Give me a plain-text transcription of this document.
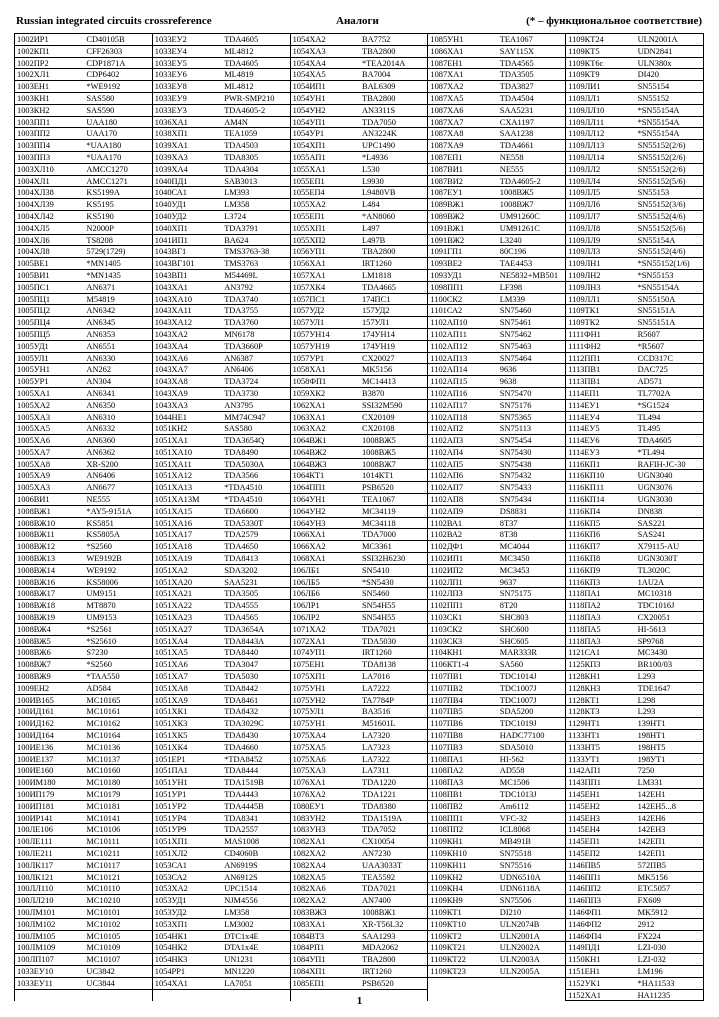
Russian integrated circuits crossreference	Аналоги	(* – функциональное соответствие)
1002ИР1	CD40105B
1002КП1	CFF26303
1002ПР2	CDP1871A
1002ХЛ1	CDP6402
1003ЕН1	*WE9192
1003КН1	SAS580
1003КН2	SAS590
1003ПП1	UAA180
1003ПП2	UAA170
1003ПП4	*UAA180
1003ПП3	*UAA170
1003ХЛ10	AMCC1270
1004ХЛ1	AMCC1271
1004ХЛ38	KS5199A
1004ХЛ39	KS5195
1004ХЛ42	KS5190
1004ХЛ5	N2000P
1004ХЛ6	TS8208
1004ХЛ8	5729(1729)
1005ВЕ1	*MN1405
1005ВИ1	*MN1435
1005ПС1	AN6371
1005ПЦ1	M54819
1005ПЦ2	AN6342
1005ПЦ4	AN6345
1005ПЦ5	AN6353
1005УД1	AN6551
1005УЛ1	AN6330
1005УН1	AN262
1005УР1	AN304
1005ХА1	AN6341
1005ХА2	AN6350
1005ХА3	AN6310
1005ХА5	AN6332
1005ХА6	AN6360
1005ХА7	AN6362
1005ХА8	XR-S200
1005ХА9	AN6406
1005ХА3	AN6677
1006ВИ1	NE555
1008ВЖ1	*AY5-9151A
1008ВЖ10	KS5851
1008ВЖ11	KS5805A
1008ВЖ12	*S2560
1008ВЖ13	WE9192B
1008ВЖ14	WE9192
1008ВЖ16	KS58006
1008ВЖ17	UM9151
1008ВЖ18	MT8870
1008ВЖ19	UM9153
1008ВЖ4	*S2561
1008ВЖ5	*S25610
1008ВЖ6	S7230
1008ВЖ7	*S2560
1008ВЖ9	*TAA550
1009ЕН2	AD584
100ИВ165	MC10165
100ИД161	MC10161
100ИД162	MC10162
100ИД164	MC10164
100ИЕ136	MC10136
100ИЕ137	MC10137
100ИЕ160	MC10160
100ИМ180	MC10180
100ИП179	MC10179
100ИП181	MC10181
100ИР141	MC10141
100ЛЕ106	MC10106
100ЛЕ111	MC10111
100ЛЕ211	MC10211
100ЛК117	MC10117
100ЛК121	MC10121
100ЛЛ110	MC10110
100ЛЛ210	MC10210
100ЛМ101	MC10101
100ЛМ102	MC10102
100ЛМ105	MC10105
100ЛМ109	MC10109
100ЛП107	MC10107
1033ЕУ10	UC3842
1033ЕУ11	UC3844
1033ЕУ2	TDA4605
1033ЕУ4	ML4812
1033ЕУ5	TDA4605
1033ЕУ6	ML4819
1033ЕУ8	ML4812
1033ЕУ9	PWR-SMP210
1033ЕУ3	TDA4605-2
1036ХА1	AM4N
1038ХП1	TEA1059
1039ХА1	TDA4503
1039ХА3	TDA8305
1039ХА4	TDA4304
1040ПД1	SAB3013
1040СА1	LM393
1040УД1	LM358
1040УД2	L3724
1040ХП1	TDA3791
1041ИП1	BA624
1043ВГ1	TMS3763-38
1043ВГ101	TMS3763
1043ВП1	M54469L
1043ХА1	AN3792
1043ХА10	TDA3740
1043ХА11	TDA3755
1043ХА12	TDA3760
1043ХА2	MN6178
1043ХА4	TDA3660P
1043ХА6	AN6387
1043ХА7	AN6406
1043ХА8	TDA3724
1043ХА9	TDA3730
1043ХА3	AN3795
1044НЕ1	MM74C947
1051КН2	SAS580
1051ХА1	TDA3654Q
1051ХА10	TDA8490
1051ХА11	TDA5030A
1051ХА12	TDA3566
1051ХА13	*TDA4510
1051ХА13М	*TDA4510
1051ХА15	TDA6600
1051ХА16	TDA5330T
1051ХА17	TDA2579
1051ХА18	TDA4650
1051ХА19	TDA8413
1051ХА2	SDA3202
1051ХА20	SAA5231
1051ХА21	TDA3505
1051ХА22	TDA4555
1051ХА23	TDA4565
1051ХА27	TDA3654A
1051ХА4	TDA8443A
1051ХА5	TDA8440
1051ХА6	TDA3047
1051ХА7	TDA5030
1051ХА8	TDA8442
1051ХА9	TDA8461
1051ХК1	TDA8432
1051ХК3	TDA3029C
1051ХК5	TDA8430
1051ХК4	TDA4660
1051ЕР1	*TDA8452
1051ПА1	TDA8444
1051УН1	TDA1519B
1051УР1	TDA4443
1051УР2	TDA4445B
1051УР4	TDA8341
1051УР9	TDA2557
1051ХП1	MAS1008
1051ХЛ2	CD4060B
1053СА1	AN6919S
1053СА2	AN6912S
1053ХА2	UPC1514
1053УД1	NJM4556
1053УД2	LM358
1053ХП1	LM3002
1054НК1	DTC1x4E
1054НК2	DTA1x4E
1054НК3	UN1231
1054РР1	MN1220
1054ХА1	LA7051
1054ХА2	BA7752
1054ХА3	TBA2800
1054ХА4	*TEA2014A
1054ХА5	BA7004
1054ИП1	BAL6309
1054УН1	TBA2800
1054УН2	AN3311S
1054УП1	TDA7050
1054УР1	AN3224K
1054ХП1	UPC1490
1055АП1	*L4936
1055ХА1	L530
1055ЕП1	L9930
1055ЕП4	L9480VB
1055ХА2	L484
1055ЕП1	*AN8060
1055ХП1	L497
1055ХП2	L497B
1056УП1	TBA2800
1056ХА1	IRT1260
1057ХА1	LM1818
1057ХК4	TDA4665
1057ПС1	174ПС1
1057УД2	157УД2
1057УЛ1	157УЛ1
1057УН14	174УН14
1057УН19	174УН19
1057УР1	CX20027
1058ХА1	MK5156
1058ФП1	MC14413
1059ХК2	B3870
1062ХА1	SSI32M590
1063ХА1	CX20109
1063ХА2	CX20108
1064ВЖ1	1008ВЖ5
1064ВЖ2	1008ВЖ5
1064ВЖ3	1008ВЖ7
1064КТ1	1014КТ1
1064ПП1	PSB6520
1064УН1	TEA1067
1064УН2	MC34119
1064УН3	MC34118
1066ХА1	TDA7000
1066ХА2	MC3361
1068ХА1	SSI32H6230
106ЛБ1	SN5410
106ЛБ5	*SN5430
106ЛБ6	SN5460
106ЛР1	SN54H55
106ЛР2	SN54H55
1071ХА2	TDA7021
1072ХА1	TDA5030
1074УП1	IRT1260
1075ЕН1	TDA8138
1075ХП1	LA7016
1075УН1	LA7222
1075УН2	TA7784P
1075УЛ1	BA3516
1075УН1	M51601L
1075ХА4	LA7320
1075ХА5	LA7323
1075ХА6	LA7322
1075ХА3	LA7311
1076ХА1	TDA1220
1076ХА2	TDA1221
1080ЕУ1	TDA8380
1083УН2	TDA1519A
1083УН3	TDA7052
1082ХА1	CX10054
1082ХА2	AN7230
1082ХА4	UAA3033T
1082ХА5	TEA5592
1082ХА6	TDA7021
1082ХА2	AN7400
1083ВЖ3	1008ВЖ1
1083ХА1	XR-T56L32
1084ВТ3	SAA1293
1084РП1	MDA2062
1084УП1	TBA2800
1084ХП1	IRT1260
1085ЕП1	PSB6520
1085УН1	TEA1067
1086ХА1	SAY115X
1087ЕН1	TDA4565
1087ХА1	TDA3505
1087ХА2	TDA3827
1087ХА5	TDA4504
1087ХА6	SAA5231
1087ХА7	CXA1197
1087ХА8	SAA1238
1087ХА9	TDA4661
1087ЕП1	NE558
1087ВИ1	NE555
1087ВИ2	TDA4605-2
1087ЕУ1	1008ВЖ5
1089ВЖ1	1008ВЖ7
1089ВЖ2	UM91260C
1091ВЖ1	UM91261C
1091ВЖ2	L3240
1091ГП1	80C196
1093ВЕ2	TAE4453
1093УД1	NE5832+MB501
1098ПП1	LF398
1100СК2	LM339
1101СА2	SN75460
1102АП10	SN75461
1102АП11	SN75462
1102АП12	SN75463
1102АП13	SN75464
1102АП14	9636
1102АП15	9638
1102АП16	SN75470
1102АП17	SN75176
1102АП18	SN75365
1102АП2	SN75113
1102АП3	SN75454
1102АП4	SN75430
1102АП5	SN75438
1102АП6	SN75432
1102АП7	SN75433
1102АП8	SN75434
1102АП9	DS8831
1102ВА1	8T37
1102ВА2	8T38
1102ДФ1	MC4044
1102ИП1	MC3450
1102ИП2	MC3453
1102ЛП1	9637
1102ЛП3	SN75175
1102ПП1	8T20
1103СК1	SHC803
1103СК2	SHC600
1103СК3	SHC605
1104КН1	MAR333R
1106КТ1-4	SA560
1107ПВ1	TDC1014J
1107ПВ2	TDC1007J
1107ПВ4	TDC1007J
1107ПВ5	SDA5200
1107ПВ6	TDC1019J
1107ПВ8	HADC77100
1107ПВ3	SDA5010
1108ПА1	HI-562
1108ПА2	AD558
1108ПА3	MC1506
1108ПВ1	TDC1013J
1108ПВ2	Am6112
1108ПП1	VFC-32
1108ПП2	ICL8068
1109КН1	MB491B
1109КН10	SN75518
1109КН11	SN75516
1109КН2	UDN6510A
1109КН4	UDN6118A
1109КН9	SN75506
1109КТ1	DI210
1109КТ10	ULN2074B
1109КТ2	ULN2001A
1109КТ21	ULN2002A
1109КТ22	ULN2003A
1109КТ23	ULN2005A
1109КТ24	ULN2001A
1109КТ5	UDN2841
1109КТ6c	ULN380x
1109КТ9	DI420
1109ЛИ1	SN55154
1109ЛЛ1	SN55152
1109ЛЛ10	*SN55154A
1109ЛЛ11	*SN55154A
1109ЛЛ12	*SN55154A
1109ЛЛ13	SN55152(2/6)
1109ЛЛ14	SN55152(2/6)
1109ЛЛ2	SN55152(2/6)
1109ЛЛ4	SN55152(5/6)
1109ЛЛ5	SN55153
1109ЛЛ6	SN55152(3/6)
1109ЛЛ7	SN55152(4/6)
1109ЛЛ8	SN55152(5/6)
1109ЛЛ9	SN55154A
1109ЛЛ3	SN55152(4/6)
1109ЛН1	*SN55152(1/6)
1109ЛН2	*SN55153
1109ЛН3	*SN55154A
1109ЛЛ1	SN55150A
1109ТК1	SN55151A
1109ТК2	SN55151A
1111ФН1	R5607
1111ФН2	*R5607
1112ПП1	CCD317C
1113ПВ1	DAC725
1113ПВ1	AD571
1114ЕП1	TL7702A
1114ЕУ1	*SG1524
1114ЕУ4	TL494
1114ЕУ5	TL495
1114ЕУ6	TDA4605
1114ЕУ3	*TL494
1116КП1	RAFIH-JC-30
1116КП10	UGN3040
1116КП11	UGN3076
1116КП14	UGN3030
1116КП4	DN838
1116КП5	SAS221
1116КП6	SAS241
1116КП7	X79115-AU
1116КП8	UGN3030T
1116КП9	TL3020C
1116КП3	1AU2A
1118ПА1	MC10318
1118ПА2	TDC1016J
1118ПА3	CX20051
1118ПА5	HI-5613
1118ПА3	SP9768
1121СА1	MC3430
1125КП3	BR100/03
1128КН1	L293
1128КН3	TDE1647
1128КТ1	L298
1128КТ3	L293
1129НТ1	139НТ1
1133НТ1	198НТ1
1133НТ5	198НТ5
1133УТ1	198УТ1
1142АП1	7250
1143ПП1	LM331
1145ЕН1	142ЕН1
1145ЕН2	142ЕН5...8
1145ЕН3	142ЕН6
1145ЕН4	142ЕН3
1145ЕП1	142ЕП1
1145ЕП2	142ЕП1
1146ПВ5	572ПВ5
1146ПП1	MK5156
1146ПП2	ETC5057
1146ПП3	FX609
1146ФП1	MK5912
1146ФП2	2912
1146ФП4	FX224
1149ПД1	LZI-030
1150КН1	LZI-032
1151ЕН1	LM196
1152УК1	*HA11533
1152ХА1	HA11235
1
